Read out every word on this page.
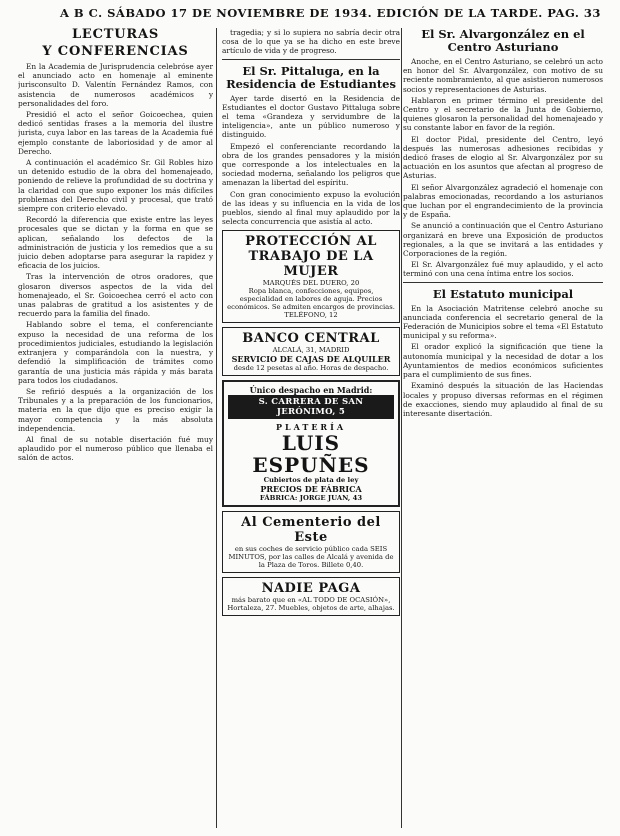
A B C. SÁBADO 17 DE NOVIEMBRE DE 1934. EDICIÓN DE LA TARDE. PAG. 33
LECTURAS
Y CONFERENCIAS

En la Academia de Jurisprudencia celebróse ayer el anunciado acto en homenaje al eminente jurisconsulto D. Valentín Fernández Ramos, con asistencia de numerosos académicos y personalidades del foro.

Presidió el acto el señor Goicoechea, quien dedicó sentidas frases a la memoria del ilustre jurista, cuya labor en las tareas de la Academia fué ejemplo constante de laboriosidad y de amor al Derecho.

A continuación el académico Sr. Gil Robles hizo un detenido estudio de la obra del homenajeado, poniendo de relieve la profundidad de su doctrina y la claridad con que supo exponer los más difíciles problemas del Derecho civil y procesal, que trató siempre con criterio elevado.

Recordó la diferencia que existe entre las leyes procesales que se dictan y la forma en que se aplican, señalando los defectos de la administración de justicia y los remedios que a su juicio deben adoptarse para asegurar la rapidez y eficacia de los juicios.

Tras la intervención de otros oradores, que glosaron diversos aspectos de la vida del homenajeado, el Sr. Goicoechea cerró el acto con unas palabras de gratitud a los asistentes y de recuerdo para la familia del finado.

Hablando sobre el tema, el conferenciante expuso la necesidad de una reforma de los procedimientos judiciales, estudiando la legislación extranjera y comparándola con la nuestra, y defendió la simplificación de trámites como garantía de una justicia más rápida y más barata para todos los ciudadanos.

Se refirió después a la organización de los Tribunales y a la preparación de los funcionarios, materia en la que dijo que es preciso exigir la mayor competencia y la más absoluta independencia.

Al final de su notable disertación fué muy aplaudido por el numeroso público que llenaba el salón de actos.

tragedia; y si lo supiera no sabría decir otra cosa de lo que ya se ha dicho en este breve artículo de vida y de progreso.

El Sr. Pittaluga, en la Residencia de Estudiantes

Ayer tarde disertó en la Residencia de Estudiantes el doctor Gustavo Pittaluga sobre el tema «Grandeza y servidumbre de la inteligencia», ante un público numeroso y distinguido.

Empezó el conferenciante recordando la obra de los grandes pensadores y la misión que corresponde a los intelectuales en la sociedad moderna, señalando los peligros que amenazan la libertad del espíritu.

Con gran conocimiento expuso la evolución de las ideas y su influencia en la vida de los pueblos, siendo al final muy aplaudido por la selecta concurrencia que asistía al acto.

PROTECCIÓN AL
TRABAJO DE LA MUJER
MARQUÉS DEL DUERO, 20
Ropa blanca, confecciones, equipos, especialidad en labores de aguja. Precios económicos. Se admiten encargos de provincias.
TELÉFONO, 12
BANCO CENTRAL
ALCALÁ, 31, MADRID
SERVICIO DE CAJAS DE ALQUILER
desde 12 pesetas al año. Horas de despacho.
Único despacho en Madrid:
S. CARRERA DE SAN JERÓNIMO, 5
PLATERÍA
LUIS ESPUÑES
Cubiertos de plata de ley
PRECIOS DE FÁBRICA
FÁBRICA: JORGE JUAN, 43
Al Cementerio del Este
en sus coches de servicio público cada SEIS MINUTOS, por las calles de Alcalá y avenida de la Plaza de Toros. Billete 0,40.
NADIE PAGA
más barato que en «AL TODO DE OCASIÓN», Hortaleza, 27. Muebles, objetos de arte, alhajas.
El Sr. Alvargonzález en el Centro Asturiano

Anoche, en el Centro Asturiano, se celebró un acto en honor del Sr. Alvargonzález, con motivo de su reciente nombramiento, al que asistieron numerosos socios y representaciones de Asturias.

Hablaron en primer término el presidente del Centro y el secretario de la Junta de Gobierno, quienes glosaron la personalidad del homenajeado y su constante labor en favor de la región.

El doctor Pidal, presidente del Centro, leyó después las numerosas adhesiones recibidas y dedicó frases de elogio al Sr. Alvargonzález por su actuación en los asuntos que afectan al progreso de Asturias.

El señor Alvargonzález agradeció el homenaje con palabras emocionadas, recordando a los asturianos que luchan por el engrandecimiento de la provincia y de España.

Se anunció a continuación que el Centro Asturiano organizará en breve una Exposición de productos regionales, a la que se invitará a las entidades y Corporaciones de la región.

El Sr. Alvargonzález fué muy aplaudido, y el acto terminó con una cena íntima entre los socios.

El Estatuto municipal

En la Asociación Matritense celebró anoche su anunciada conferencia el secretario general de la Federación de Municipios sobre el tema «El Estatuto municipal y su reforma».

El orador explicó la significación que tiene la autonomía municipal y la necesidad de dotar a los Ayuntamientos de medios económicos suficientes para el cumplimiento de sus fines.

Examinó después la situación de las Haciendas locales y propuso diversas reformas en el régimen de exacciones, siendo muy aplaudido al final de su interesante disertación.
